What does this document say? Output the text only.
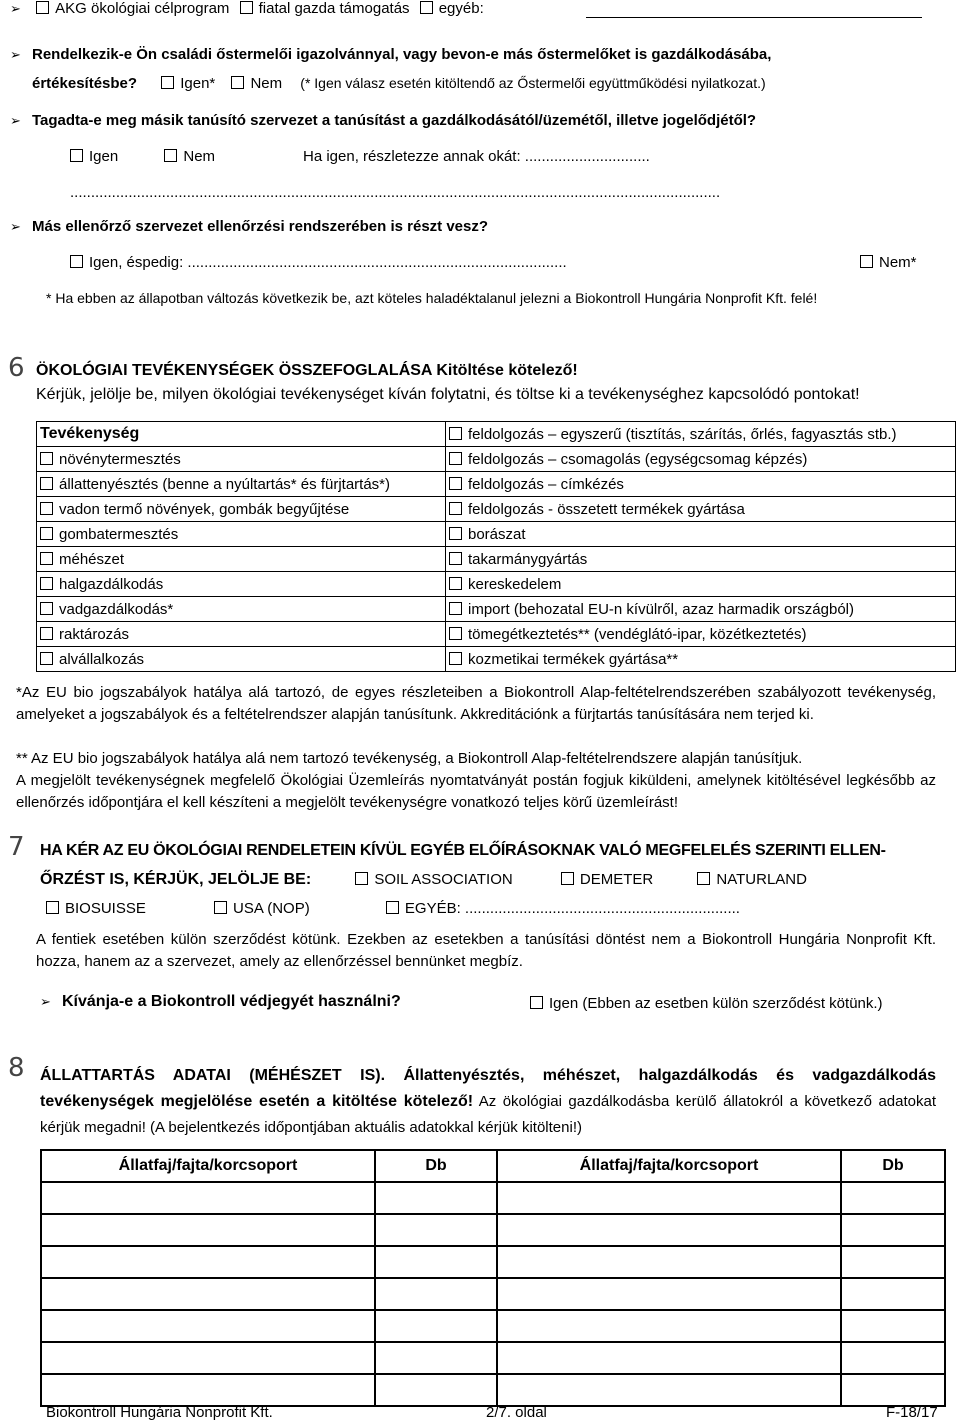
➢ AKG ökológiai célprogram fiatal gazda támogatás egyéb:
➢ Rendelkezik-e Ön családi őstermelői igazolvánnyal, vagy bevon-e más őstermelőket is gazdálkodásába,
értékesítésbe?	Igen* Nem (* Igen válasz esetén kitöltendő az Őstermelői együttműködési nyilatkozat.)
➢ Tagadta-e meg másik tanúsító szervezet a tanúsítást a gazdálkodásától/üzemétől, illetve jogelődjétől?
Igen	Nem	Ha igen, részletezze annak okát: ..............................
............................................................................................................................................................
➢ Más ellenőrző szervezet ellenőrzési rendszerében is részt vesz?
Igen, éspedig: ...........................................................................................	Nem*
* Ha ebben az állapotban változás következik be, azt köteles haladéktalanul jelezni a Biokontroll Hungária Nonprofit Kft. felé!
6 ÖKOLÓGIAI TEVÉKENYSÉGEK ÖSSZEFOGLALÁSA Kitöltése kötelező!
Kérjük, jelölje be, milyen ökológiai tevékenységet kíván folytatni, és töltse ki a tevékenységhez kapcsolódó pontokat!
Tevékenység	feldolgozás – egyszerű (tisztítás, szárítás, őrlés, fagyasztás stb.)
növénytermesztés	feldolgozás – csomagolás (egységcsomag képzés)
állattenyésztés (benne a nyúltartás* és fürjtartás*)	feldolgozás – címkézés
vadon termő növények, gombák begyűjtése	feldolgozás - összetett termékek gyártása
gombatermesztés	borászat
méhészet	takarmánygyártás
halgazdálkodás	kereskedelem
vadgazdálkodás*	import (behozatal EU-n kívülről, azaz harmadik országból)
raktározás	tömegétkeztetés** (vendéglátó-ipar, közétkeztetés)
alvállalkozás	kozmetikai termékek gyártása**
*Az EU bio jogszabályok hatálya alá tartozó, de egyes részleteiben a Biokontroll Alap-feltételrendszerében szabályozott tevékenység, amelyeket a jogszabályok és a feltételrendszer alapján tanúsítunk. Akkreditációnk a fürjtartás tanúsítására nem terjed ki.
** Az EU bio jogszabályok hatálya alá nem tartozó tevékenység, a Biokontroll Alap-feltételrendszere alapján tanúsítjuk.
A megjelölt tevékenységnek megfelelő Ökológiai Üzemleírás nyomtatványát postán fogjuk kiküldeni, amelynek kitöltésével legkésőbb az ellenőrzés időpontjára el kell készíteni a megjelölt tevékenységre vonatkozó teljes körű üzemleírást!
7 HA KÉR AZ EU ÖKOLÓGIAI RENDELETEIN KÍVÜL EGYÉB ELŐÍRÁSOKNAK VALÓ MEGFELELÉS SZERINTI ELLEN-
ŐRZÉST IS, KÉRJÜK, JELÖLJE BE:	SOIL ASSOCIATION	DEMETER	NATURLAND
BIOSUISSE	USA (NOP)	EGYÉB: ..................................................................
A fentiek esetében külön szerződést kötünk. Ezekben az esetekben a tanúsítási döntést nem a Biokontroll Hungária Nonprofit Kft. hozza, hanem az a szervezet, amely az ellenőrzéssel bennünket megbíz.
➢ Kívánja-e a Biokontroll védjegyét használni?	Igen (Ebben az esetben külön szerződést kötünk.)
8 ÁLLATTARTÁS ADATAI (MÉHÉSZET IS). Állattenyésztés, méhészet, halgazdálkodás és vadgazdálkodás tevékenységek megjelölése esetén a kitöltése kötelező! Az ökológiai gazdálkodásba kerülő állatokról a következő adatokat kérjük megadni! (A bejelentkezés időpontjában aktuális adatokkal kérjük kitölteni!)
Állatfaj/fajta/korcsoport	Db	Állatfaj/fajta/korcsoport	Db

Biokontroll Hungária Nonprofit Kft.	2/7. oldal	F-18/17
